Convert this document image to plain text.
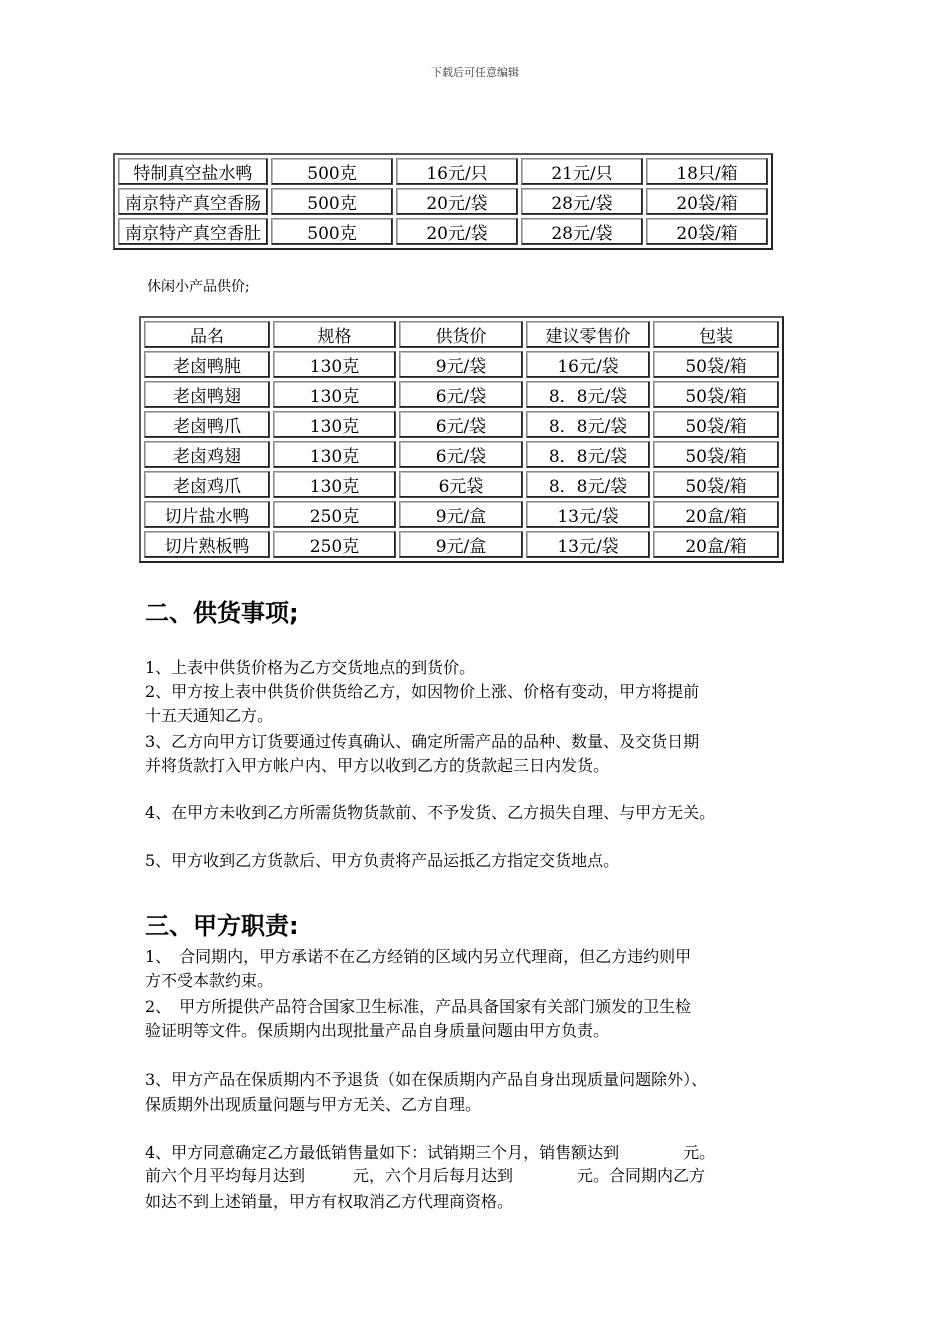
下载后可任意编辑
特制真空盐水鸭	500克	16元/只	21元/只	18只/箱
南京特产真空香肠	500克	20元/袋	28元/袋	20袋/箱
南京特产真空香肚	500克	20元/袋	28元/袋	20袋/箱
休闲小产品供价;
品名	规格	供货价	建议零售价	包装
老卤鸭肫	130克	9元/袋	16元/袋	50袋/箱
老卤鸭翅	130克	6元/袋	8．8元/袋	50袋/箱
老卤鸭爪	130克	6元/袋	8．8元/袋	50袋/箱
老卤鸡翅	130克	6元/袋	8．8元/袋	50袋/箱
老卤鸡爪	130克	6元袋	8．8元/袋	50袋/箱
切片盐水鸭	250克	9元/盒	13元/袋	20盒/箱
切片熟板鸭	250克	9元/盒	13元/袋	20盒/箱
二、供货事项;
1、上表中供货价格为乙方交货地点的到货价。
2、甲方按上表中供货价供货给乙方，如因物价上涨、价格有变动，甲方将提前
十五天通知乙方。
3、乙方向甲方订货要通过传真确认、确定所需产品的品种、数量、及交货日期
并将货款打入甲方帐户内、甲方以收到乙方的货款起三日内发货。
4、在甲方未收到乙方所需货物货款前、不予发货、乙方损失自理、与甲方无关。
5、甲方收到乙方货款后、甲方负责将产品运抵乙方指定交货地点。
三、甲方职责:
1、　合同期内，甲方承诺不在乙方经销的区域内另立代理商，但乙方违约则甲
方不受本款约束。
2、　甲方所提供产品符合国家卫生标准，产品具备国家有关部门颁发的卫生检
验证明等文件。保质期内出现批量产品自身质量问题由甲方负责。
3、甲方产品在保质期内不予退货（如在保质期内产品自身出现质量问题除外）、
保质期外出现质量问题与甲方无关、乙方自理。
4、甲方同意确定乙方最低销售量如下：试销期三个月，销售额达到　　　　元。
前六个月平均每月达到　　　元，六个月后每月达到　　　　元。合同期内乙方
如达不到上述销量，甲方有权取消乙方代理商资格。
